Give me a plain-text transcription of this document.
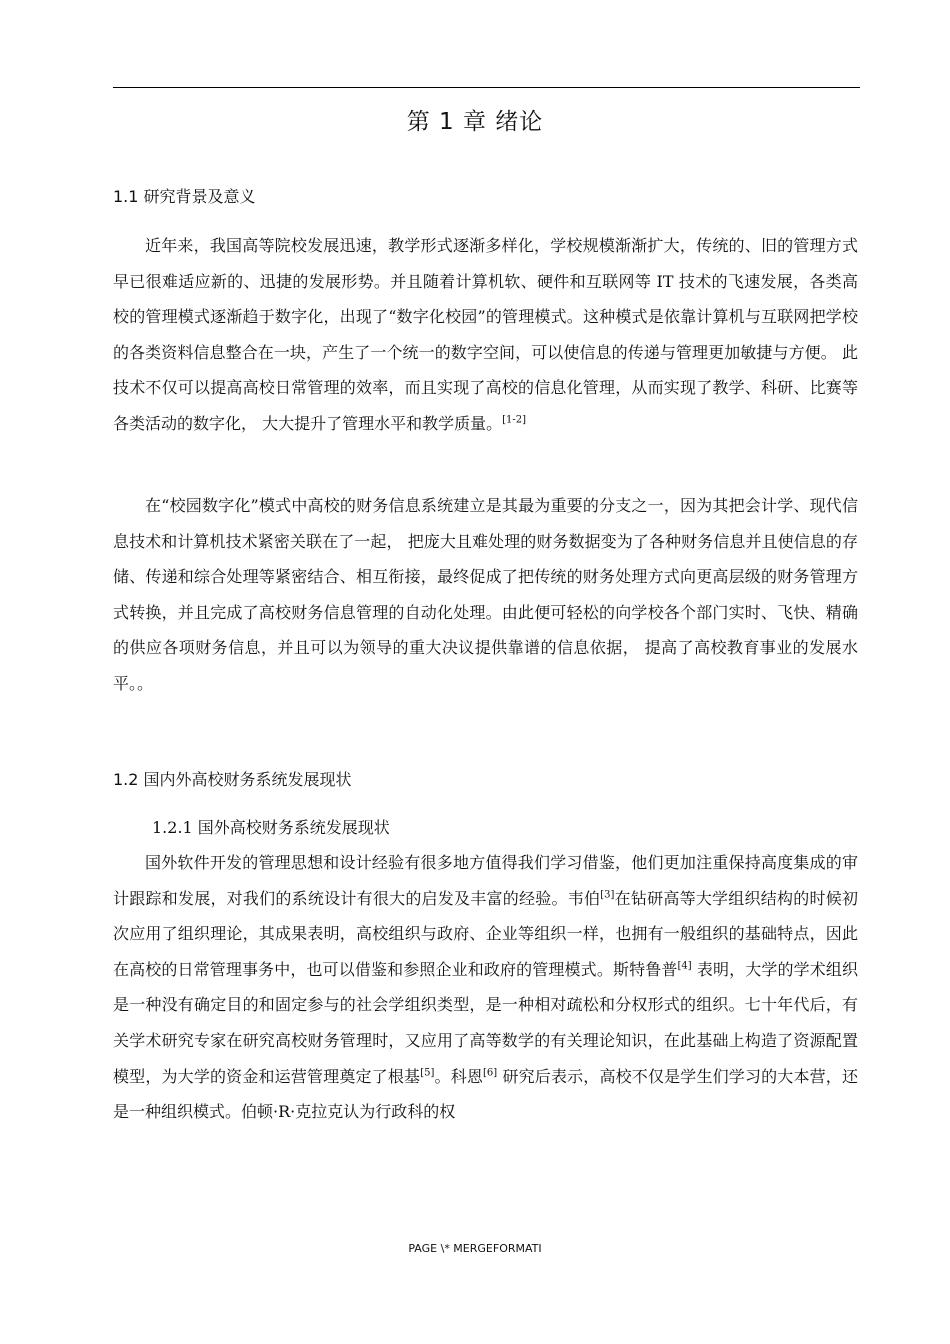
第 1 章 绪论
1.1 研究背景及意义

近年来，我国高等院校发展迅速，教学形式逐渐多样化，学校规模渐渐扩大，传统的、旧的管理方式早已很难适应新的、迅捷的发展形势。并且随着计算机软、硬件和互联网等 IT 技术的飞速发展，各类高校的管理模式逐渐趋于数字化，出现了“数字化校园”的管理模式。这种模式是依靠计算机与互联网把学校的各类资料信息整合在一块，产生了一个统一的数字空间，可以使信息的传递与管理更加敏捷与方便。 此技术不仅可以提高高校日常管理的效率，而且实现了高校的信息化管理，从而实现了教学、科研、比赛等各类活动的数字化， 大大提升了管理水平和教学质量。[1-2]

在“校园数字化”模式中高校的财务信息系统建立是其最为重要的分支之一，因为其把会计学、现代信息技术和计算机技术紧密关联在了一起， 把庞大且难处理的财务数据变为了各种财务信息并且使信息的存储、传递和综合处理等紧密结合、相互衔接，最终促成了把传统的财务处理方式向更高层级的财务管理方式转换，并且完成了高校财务信息管理的自动化处理。由此便可轻松的向学校各个部门实时、飞快、精确的供应各项财务信息，并且可以为领导的重大决议提供靠谱的信息依据， 提高了高校教育事业的发展水平。。

1.2 国内外高校财务系统发展现状
1.2.1 国外高校财务系统发展现状

国外软件开发的管理思想和设计经验有很多地方值得我们学习借鉴，他们更加注重保持高度集成的审计跟踪和发展，对我们的系统设计有很大的启发及丰富的经验。韦伯[3]在钻研高等大学组织结构的时候初次应用了组织理论，其成果表明，高校组织与政府、企业等组织一样，也拥有一般组织的基础特点，因此在高校的日常管理事务中，也可以借鉴和参照企业和政府的管理模式。斯特鲁普[4] 表明，大学的学术组织是一种没有确定目的和固定参与的社会学组织类型，是一种相对疏松和分权形式的组织。七十年代后，有关学术研究专家在研究高校财务管理时，又应用了高等数学的有关理论知识，在此基础上构造了资源配置模型，为大学的资金和运营管理奠定了根基[5]。科恩[6] 研究后表示，高校不仅是学生们学习的大本营，还是一种组织模式。伯顿·R·克拉克认为行政科的权

PAGE \* MERGEFORMATI
